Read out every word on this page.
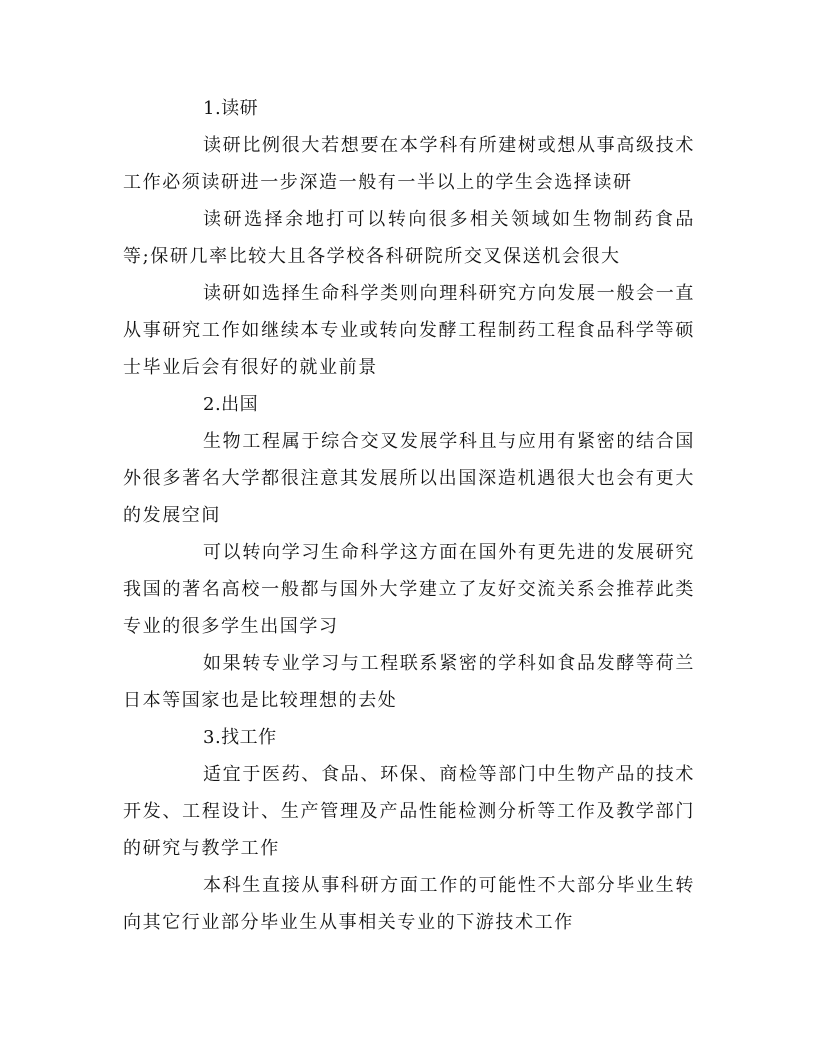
1.读研

读研比例很大若想要在本学科有所建树或想从事高级技术工作必须读研进一步深造一般有一半以上的学生会选择读研

读研选择余地打可以转向很多相关领域如生物制药食品等;保研几率比较大且各学校各科研院所交叉保送机会很大

读研如选择生命科学类则向理科研究方向发展一般会一直从事研究工作如继续本专业或转向发酵工程制药工程食品科学等硕士毕业后会有很好的就业前景

2.出国

生物工程属于综合交叉发展学科且与应用有紧密的结合国外很多著名大学都很注意其发展所以出国深造机遇很大也会有更大的发展空间

可以转向学习生命科学这方面在国外有更先进的发展研究我国的著名高校一般都与国外大学建立了友好交流关系会推荐此类专业的很多学生出国学习

如果转专业学习与工程联系紧密的学科如食品发酵等荷兰日本等国家也是比较理想的去处

3.找工作

适宜于医药、食品、环保、商检等部门中生物产品的技术开发、工程设计、生产管理及产品性能检测分析等工作及教学部门的研究与教学工作

本科生直接从事科研方面工作的可能性不大部分毕业生转向其它行业部分毕业生从事相关专业的下游技术工作
